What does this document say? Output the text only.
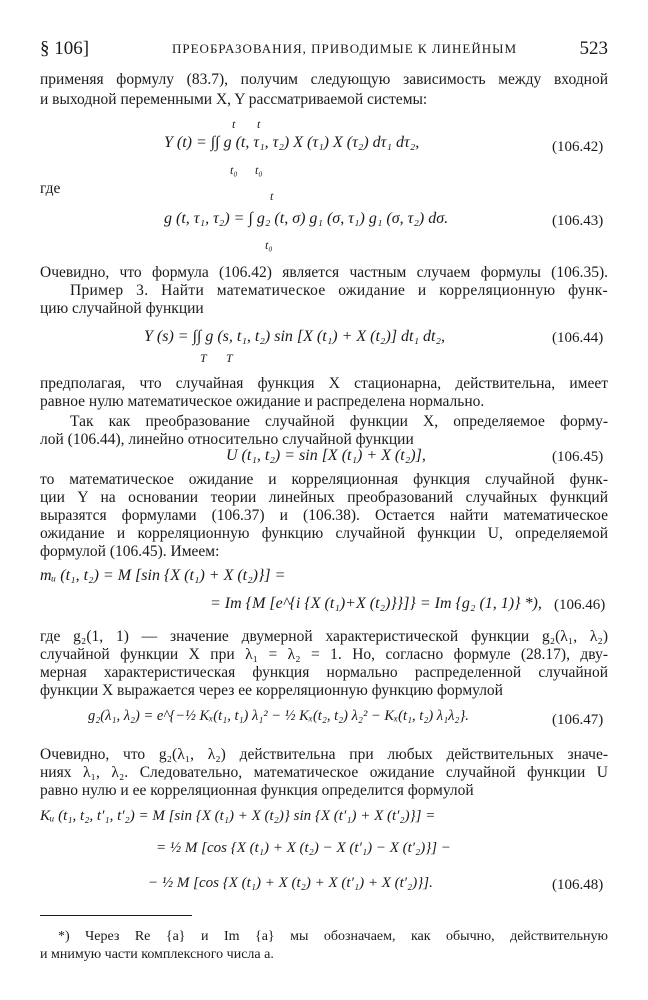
§ 106]	ПРЕОБРАЗОВАНИЯ, ПРИВОДИМЫЕ К ЛИНЕЙНЫМ	523
применяя формулу (83.7), получим следующую зависимость между входной
и выходной переменными X, Y рассматриваемой системы:
t t
Y (t) = ∫∫ g (t, τ₁, τ₂) X (τ₁) X (τ₂) dτ₁ dτ₂,
t₀ t₀
(106.42)
где	t
g (t, τ₁, τ₂) = ∫ g₂ (t, σ) g₁ (σ, τ₁) g₁ (σ, τ₂) dσ.
t₀
(106.43)
Очевидно, что формула (106.42) является частным случаем формулы (106.35).
Пример 3. Найти математическое ожидание и корреляционную функ-
цию случайной функции
Y (s) = ∫∫ g (s, t₁, t₂) sin [X (t₁) + X (t₂)] dt₁ dt₂,
T T
(106.44)
предполагая, что случайная функция X стационарна, действительна, имеет
равное нулю математическое ожидание и распределена нормально.
Так как преобразование случайной функции X, определяемое форму-
лой (106.44), линейно относительно случайной функции
U (t₁, t₂) = sin [X (t₁) + X (t₂)],	(106.45)
то математическое ожидание и корреляционная функция случайной функ-
ции Y на основании теории линейных преобразований случайных функций
выразятся формулами (106.37) и (106.38). Остается найти математическое
ожидание и корреляционную функцию случайной функции U, определяемой
формулой (106.45). Имеем:
mᵤ (t₁, t₂) = M [sin {X (t₁) + X (t₂)}] =
= Im {M [e^{i {X (t₁)+X (t₂)}}]} = Im {g₂ (1, 1)} *), (106.46)
где g₂(1, 1) — значение двумерной характеристической функции g₂(λ₁, λ₂)
случайной функции X при λ₁ = λ₂ = 1. Но, согласно формуле (28.17), дву-
мерная характеристическая функция нормально распределенной случайной
функции X выражается через ее корреляционную функцию формулой
g₂(λ₁, λ₂) = e^{−½ Kₓ(t₁, t₁) λ₁² − ½ Kₓ(t₂, t₂) λ₂² − Kₓ(t₁, t₂) λ₁λ₂}.	(106.47)
Очевидно, что g₂(λ₁, λ₂) действительна при любых действительных значе-
ниях λ₁, λ₂. Следовательно, математическое ожидание случайной функции U
равно нулю и ее корреляционная функция определится формулой
Kᵤ (t₁, t₂, t′₁, t′₂) = M [sin {X (t₁) + X (t₂)} sin {X (t′₁) + X (t′₂)}] =
= ½ M [cos {X (t₁) + X (t₂) − X (t′₁) − X (t′₂)}] −
− ½ M [cos {X (t₁) + X (t₂) + X (t′₁) + X (t′₂)}].	(106.48)
*) Через Re {a} и Im {a} мы обозначаем, как обычно, действительную
и мнимую части комплексного числа a.
